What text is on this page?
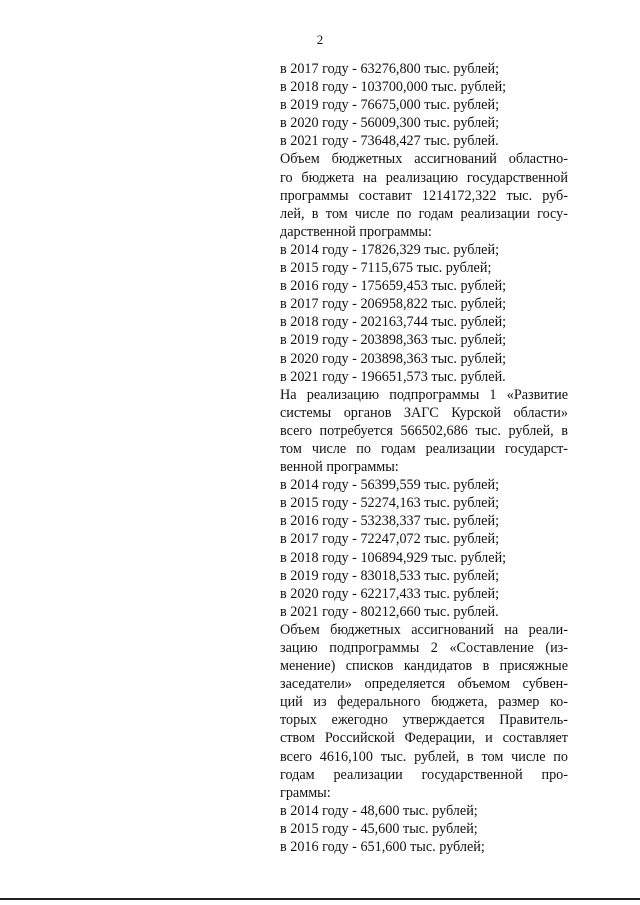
2
в 2017 году - 63276,800 тыс. рублей;
в 2018 году - 103700,000 тыс. рублей;
в 2019 году - 76675,000 тыс. рублей;
в 2020 году - 56009,300 тыс. рублей;
в 2021 году - 73648,427 тыс. рублей.
Объем бюджетных ассигнований областно-
го бюджета на реализацию государственной
программы составит 1214172,322 тыс. руб-
лей, в том числе по годам реализации госу-
дарственной программы:
в 2014 году - 17826,329 тыс. рублей;
в 2015 году - 7115,675 тыс. рублей;
в 2016 году - 175659,453 тыс. рублей;
в 2017 году - 206958,822 тыс. рублей;
в 2018 году - 202163,744 тыс. рублей;
в 2019 году - 203898,363 тыс. рублей;
в 2020 году - 203898,363 тыс. рублей;
в 2021 году - 196651,573 тыс. рублей.
На реализацию подпрограммы 1 «Развитие
системы органов ЗАГС Курской области»
всего потребуется 566502,686 тыс. рублей, в
том числе по годам реализации государст-
венной программы:
в 2014 году - 56399,559 тыс. рублей;
в 2015 году - 52274,163 тыс. рублей;
в 2016 году - 53238,337 тыс. рублей;
в 2017 году - 72247,072 тыс. рублей;
в 2018 году - 106894,929 тыс. рублей;
в 2019 году - 83018,533 тыс. рублей;
в 2020 году - 62217,433 тыс. рублей;
в 2021 году - 80212,660 тыс. рублей.
Объем бюджетных ассигнований на реали-
зацию подпрограммы 2 «Составление (из-
менение) списков кандидатов в присяжные
заседатели» определяется объемом субвен-
ций из федерального бюджета, размер ко-
торых ежегодно утверждается Правитель-
ством Российской Федерации, и составляет
всего 4616,100 тыс. рублей, в том числе по
годам реализации государственной про-
граммы:
в 2014 году - 48,600 тыс. рублей;
в 2015 году - 45,600 тыс. рублей;
в 2016 году - 651,600 тыс. рублей;
